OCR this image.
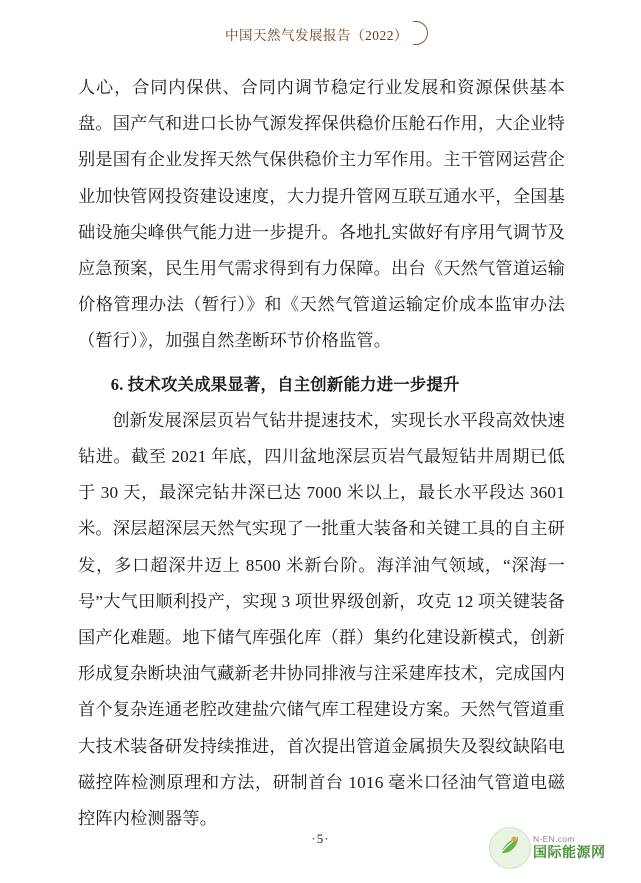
中国天然气发展报告（2022）

人心，合同内保供、合同内调节稳定行业发展和资源保供基本盘。国产气和进口长协气源发挥保供稳价压舱石作用，大企业特别是国有企业发挥天然气保供稳价主力军作用。主干管网运营企业加快管网投资建设速度，大力提升管网互联互通水平，全国基础设施尖峰供气能力进一步提升。各地扎实做好有序用气调节及应急预案，民生用气需求得到有力保障。出台《天然气管道运输价格管理办法（暂行）》和《天然气管道运输定价成本监审办法（暂行）》，加强自然垄断环节价格监管。

6. 技术攻关成果显著，自主创新能力进一步提升

创新发展深层页岩气钻井提速技术，实现长水平段高效快速钻进。截至 2021 年底，四川盆地深层页岩气最短钻井周期已低于 30 天，最深完钻井深已达 7000 米以上，最长水平段达 3601 米。深层超深层天然气实现了一批重大装备和关键工具的自主研发，多口超深井迈上 8500 米新台阶。海洋油气领域，“深海一号”大气田顺利投产，实现 3 项世界级创新，攻克 12 项关键装备国产化难题。地下储气库强化库（群）集约化建设新模式，创新形成复杂断块油气藏新老井协同排液与注采建库技术，完成国内首个复杂连通老腔改建盐穴储气库工程建设方案。天然气管道重大技术装备研发持续推进，首次提出管道金属损失及裂纹缺陷电磁控阵检测原理和方法，研制首台 1016 毫米口径油气管道电磁控阵内检测器等。

·5·	N-EN.com
国际能源网
